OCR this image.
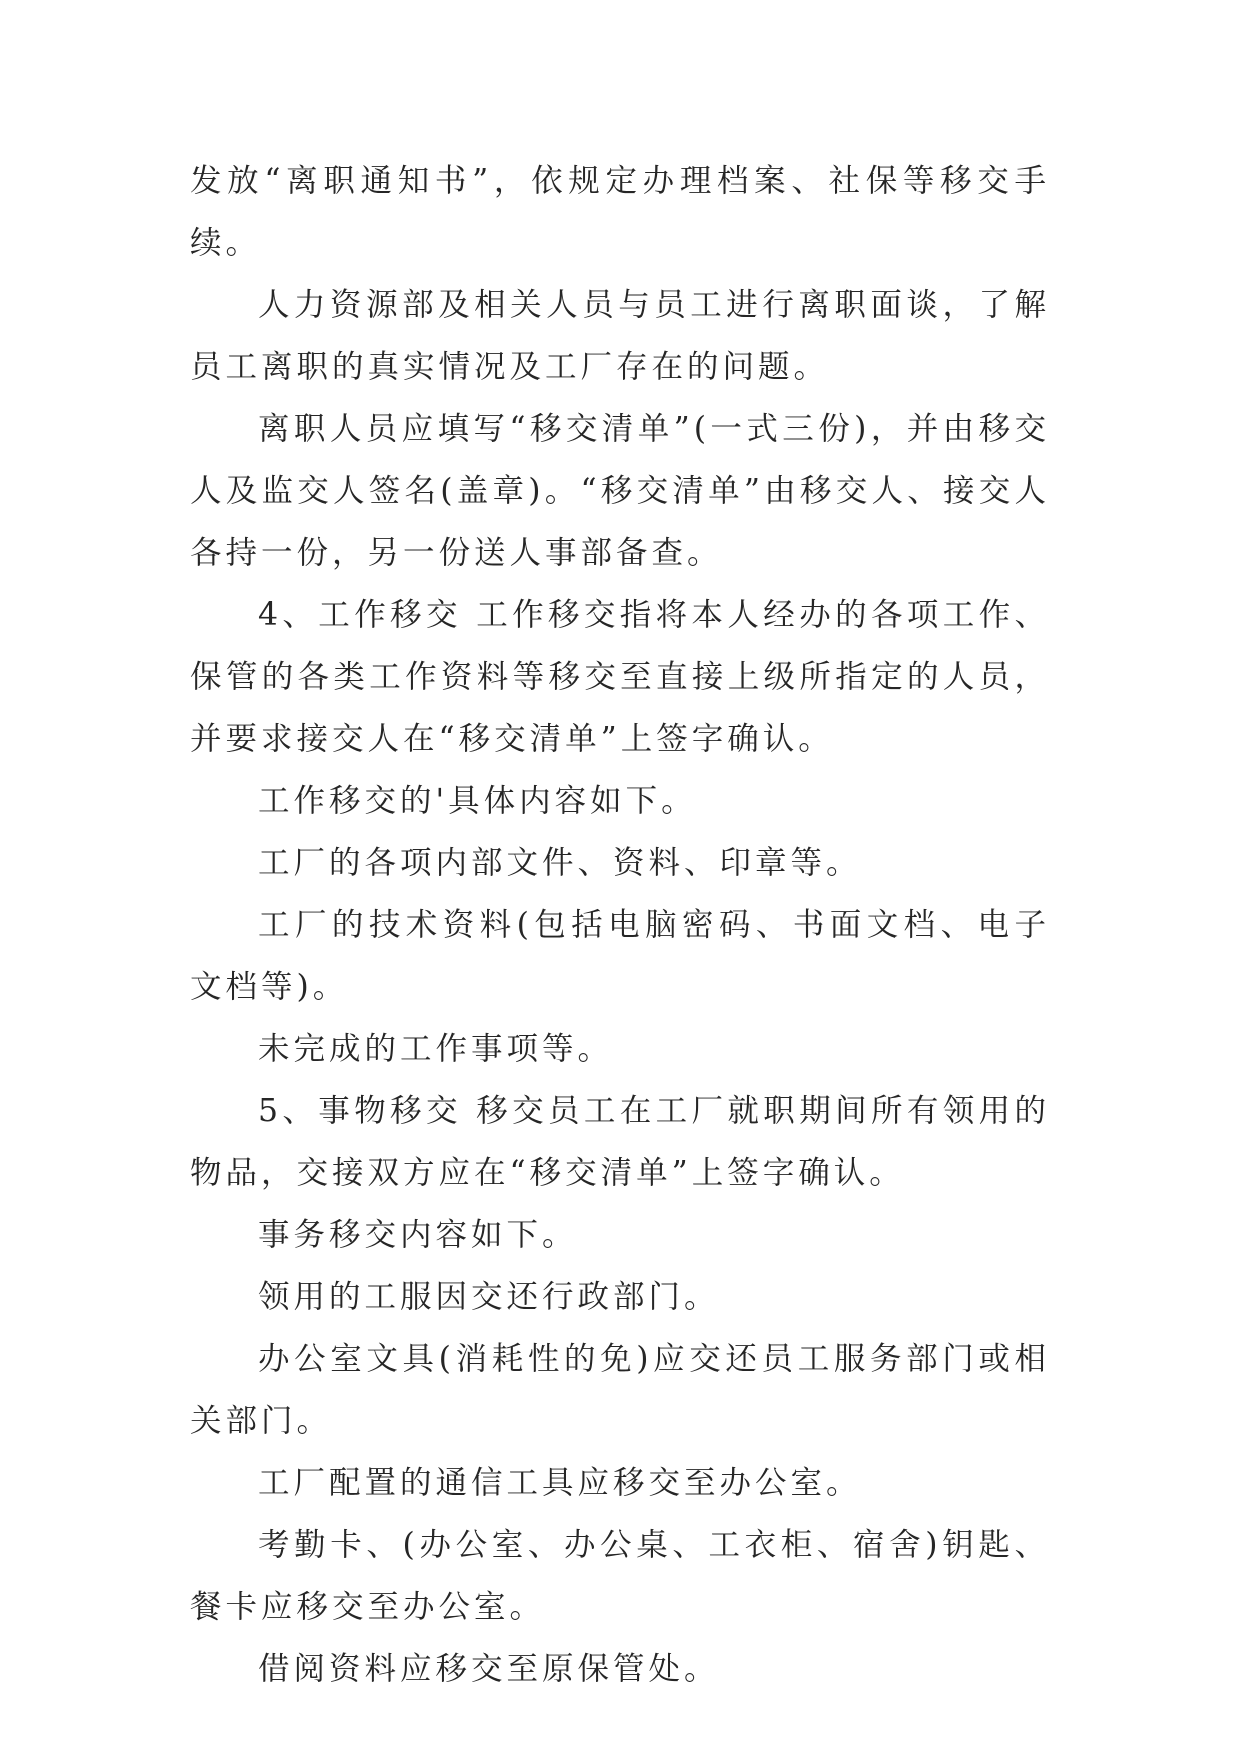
发放“离职通知书”，依规定办理档案、社保等移交手续。

人力资源部及相关人员与员工进行离职面谈，了解员工离职的真实情况及工厂存在的问题。

离职人员应填写“移交清单”(一式三份)，并由移交人及监交人签名(盖章)。“移交清单”由移交人、接交人各持一份，另一份送人事部备查。

4、工作移交 工作移交指将本人经办的各项工作、保管的各类工作资料等移交至直接上级所指定的人员，并要求接交人在“移交清单”上签字确认。

工作移交的'具体内容如下。

工厂的各项内部文件、资料、印章等。

工厂的技术资料(包括电脑密码、书面文档、电子文档等)。

未完成的工作事项等。

5、事物移交 移交员工在工厂就职期间所有领用的物品，交接双方应在“移交清单”上签字确认。

事务移交内容如下。

领用的工服因交还行政部门。

办公室文具(消耗性的免)应交还员工服务部门或相关部门。

工厂配置的通信工具应移交至办公室。

考勤卡、(办公室、办公桌、工衣柜、宿舍)钥匙、餐卡应移交至办公室。

借阅资料应移交至原保管处。
